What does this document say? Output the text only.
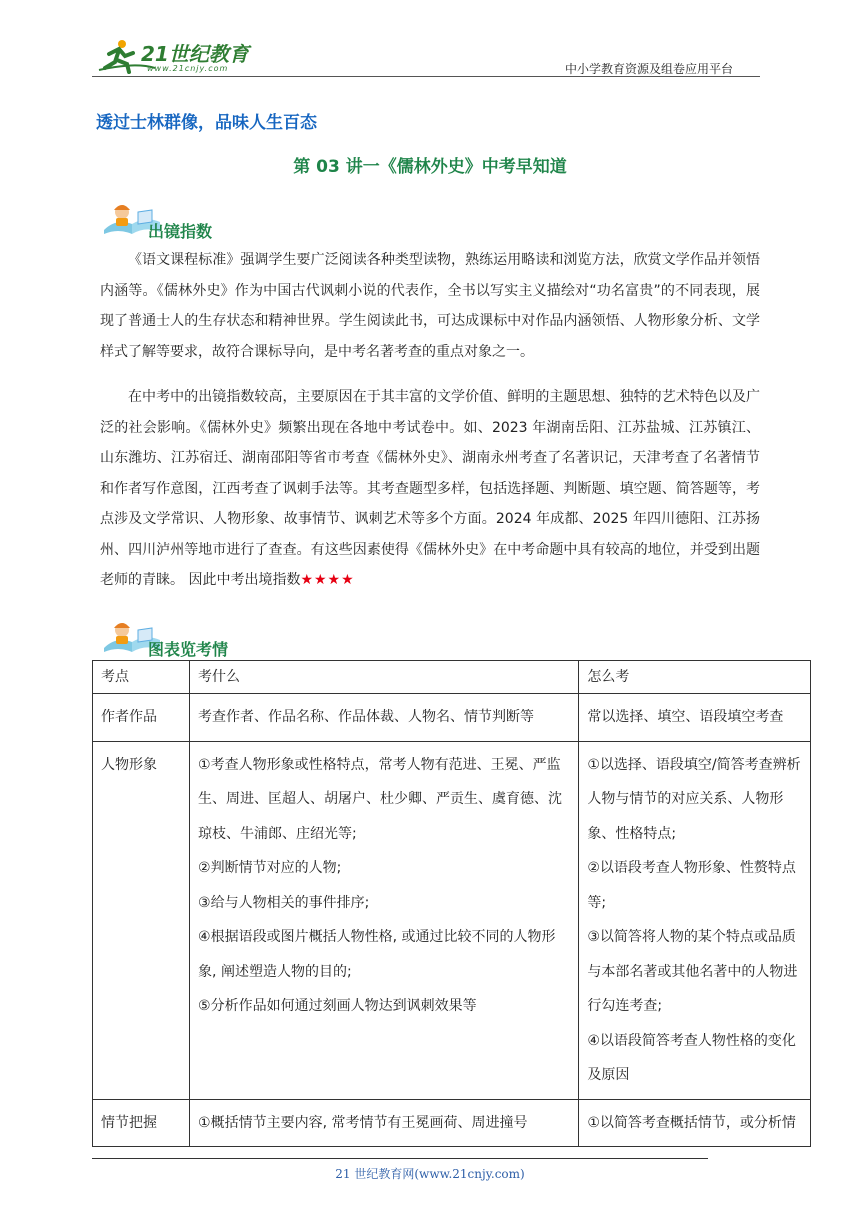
21世纪教育
www.21cnjy.com	中小学教育资源及组卷应用平台
透过士林群像，品味人生百态
第 03 讲一《儒林外史》中考早知道
出镜指数
《语文课程标准》强调学生要广泛阅读各种类型读物，熟练运用略读和浏览方法，欣赏文学作品并领悟内涵等。《儒林外史》作为中国古代讽刺小说的代表作，全书以写实主义描绘对“功名富贵”的不同表现，展现了普通士人的生存状态和精神世界。学生阅读此书，可达成课标中对作品内涵领悟、人物形象分析、文学样式了解等要求，故符合课标导向，是中考名著考查的重点对象之一。
在中考中的出镜指数较高，主要原因在于其丰富的文学价值、鲜明的主题思想、独特的艺术特色以及广泛的社会影响。《儒林外史》频繁出现在各地中考试卷中。如、2023 年湖南岳阳、江苏盐城、江苏镇江、山东潍坊、江苏宿迁、湖南邵阳等省市考查《儒林外史》、湖南永州考查了名著识记，天津考查了名著情节和作者写作意图，江西考查了讽刺手法等。其考查题型多样，包括选择题、判断题、填空题、简答题等，考点涉及文学常识、人物形象、故事情节、讽刺艺术等多个方面。2024 年成都、2025 年四川德阳、江苏扬州、四川泸州等地市进行了查查。有这些因素使得《儒林外史》在中考命题中具有较高的地位，并受到出题老师的青睐。 因此中考出境指数★★★★
图表览考情
考点	考什么	怎么考
作者作品	考查作者、作品名称、作品体裁、人物名、情节判断等	常以选择、填空、语段填空考查

人物形象	①考查人物形象或性格特点，常考人物有范进、王冕、严监生、周进、匡超人、胡屠户、杜少卿、严贡生、虞育德、沈琼枝、牛浦郎、庄绍光等;
②判断情节对应的人物;
③给与人物相关的事件排序;
④根据语段或图片概括人物性格, 或通过比较不同的人物形象, 阐述塑造人物的目的;
⑤分析作品如何通过刻画人物达到讽刺效果等	①以选择、语段填空/简答考查辨析人物与情节的对应关系、人物形象、性格特点;
②以语段考查人物形象、性赘特点等;
③以简答将人物的某个特点或品质与本部名著或其他名著中的人物进行勾连考查;
④以语段简答考查人物性格的变化及原因

情节把握	①概括情节主要内容, 常考情节有王冕画荷、周进撞号	①以简答考查概括情节，或分析情
21 世纪教育网(www.21cnjy.com)
